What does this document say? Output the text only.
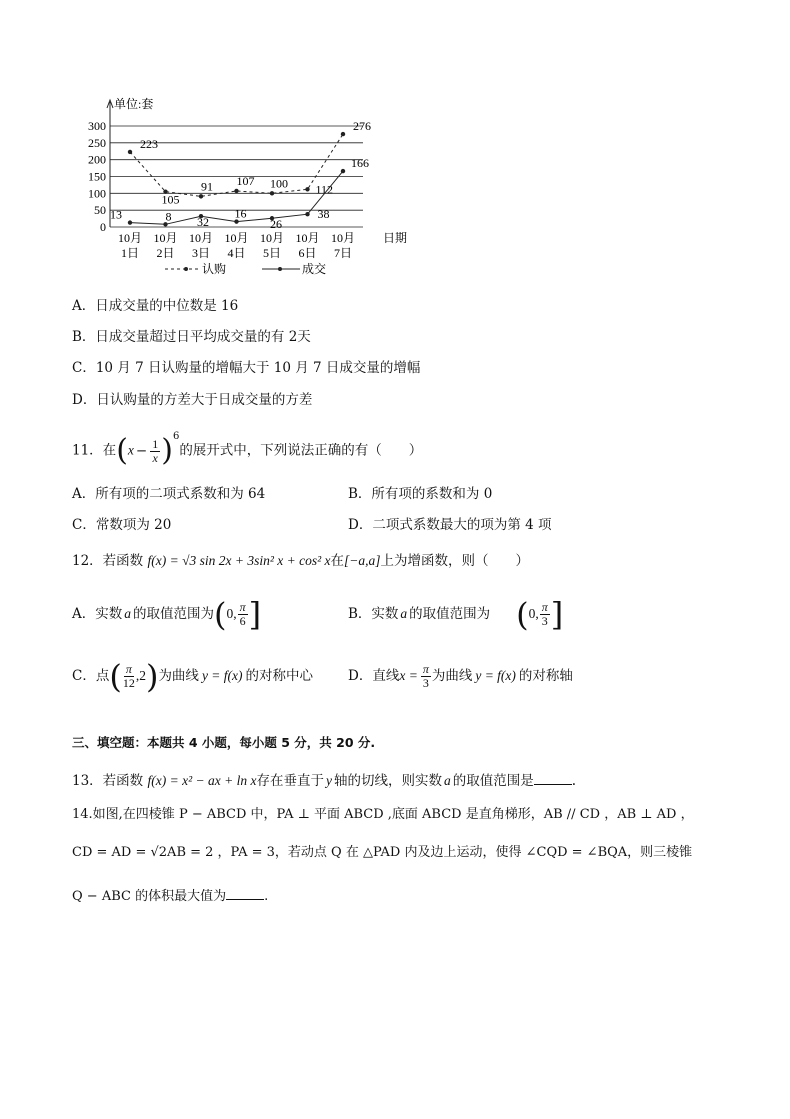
0
50
100
150
200
250
300
单位:套
10月
1日
10月
2日
10月
3日
10月
4日
10月
5日
10月
6日
10月
7日
日期
223
105
91 107 100 112
276
13	8 32
16
26
38
166
认购	成交
A．日成交量的中位数是 16
B．日成交量超过日平均成交量的有 2天
C．10 月 7 日认购量的增幅大于 10 月 7 日成交量的增幅
D．日认购量的方差大于日成交量的方差
11．在$(x - \frac{1}{x} )^6$的展开式中，下列说法正确的有（　　）
A．所有项的二项式系数和为 64	B．所有项的系数和为 0
C．常数项为 20	D．二项式系数最大的项为第 4 项
12．若函数 f(x) = √3 sin 2x + 3sin² x + cos² x在[−a,a]上为增函数，则（　　）
A．实数 a 的取值范围为(0, $\frac{\pi}{6}$ ]	B．实数 a 的取值范围为 (0, $\frac{\pi}{3}$ ]
C．点( $\frac{\pi}{12} ,2$)为曲线 y = f(x) 的对称中心	D．直线$x = \frac{\pi}{3}$ 为曲线 y = f(x) 的对称轴
三、填空题：本题共 4 小题，每小题 5 分，共 20 分.
13．若函数 f(x) = x² − ax + ln x存在垂直于 y 轴的切线，则实数 a 的取值范围是	.
14.如图,在四棱锥 P − ABCD 中，PA ⊥ 平面 ABCD ,底面 ABCD 是直角梯形，AB // CD ，AB ⊥ AD ，
CD = AD = √2AB = 2 ，PA = 3，若动点 Q 在 △PAD 内及边上运动，使得 ∠CQD = ∠BQA，则三棱锥
Q − ABC 的体积最大值为	.
